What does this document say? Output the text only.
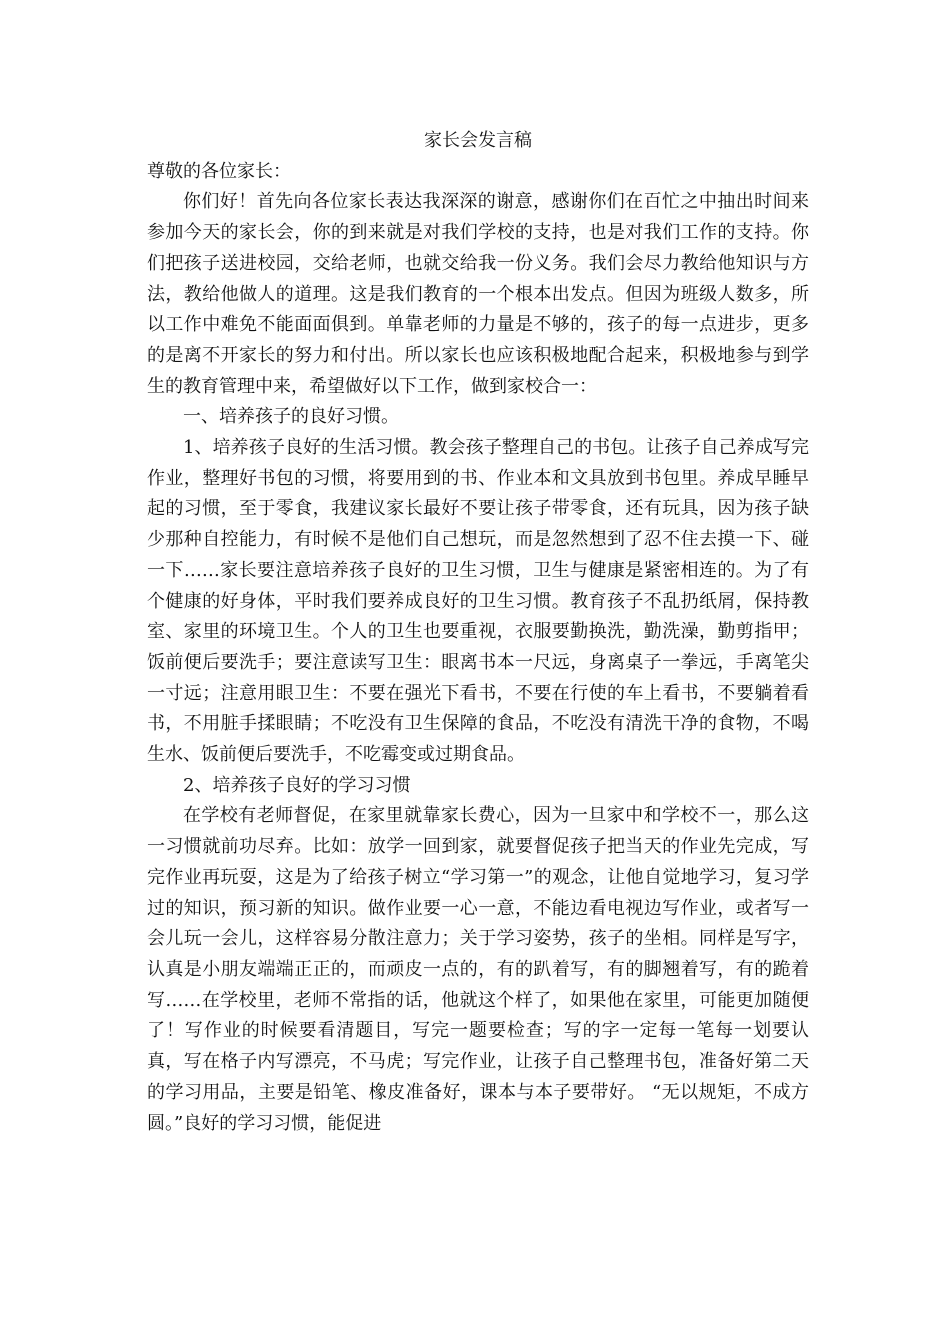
家长会发言稿

尊敬的各位家长：

你们好！首先向各位家长表达我深深的谢意，感谢你们在百忙之中抽出时间来参加今天的家长会，你的到来就是对我们学校的支持，也是对我们工作的支持。你们把孩子送进校园，交给老师，也就交给我一份义务。我们会尽力教给他知识与方法，教给他做人的道理。这是我们教育的一个根本出发点。但因为班级人数多，所以工作中难免不能面面俱到。单靠老师的力量是不够的，孩子的每一点进步，更多的是离不开家长的努力和付出。所以家长也应该积极地配合起来，积极地参与到学生的教育管理中来，希望做好以下工作，做到家校合一：

一、培养孩子的良好习惯。

1、培养孩子良好的生活习惯。教会孩子整理自己的书包。让孩子自己养成写完作业，整理好书包的习惯，将要用到的书、作业本和文具放到书包里。养成早睡早起的习惯，至于零食，我建议家长最好不要让孩子带零食，还有玩具，因为孩子缺少那种自控能力，有时候不是他们自己想玩，而是忽然想到了忍不住去摸一下、碰一下……家长要注意培养孩子良好的卫生习惯，卫生与健康是紧密相连的。为了有个健康的好身体，平时我们要养成良好的卫生习惯。教育孩子不乱扔纸屑，保持教室、家里的环境卫生。个人的卫生也要重视，衣服要勤换洗，勤洗澡，勤剪指甲；饭前便后要洗手；要注意读写卫生：眼离书本一尺远，身离桌子一拳远，手离笔尖一寸远；注意用眼卫生：不要在强光下看书，不要在行使的车上看书，不要躺着看书，不用脏手揉眼睛；不吃没有卫生保障的食品，不吃没有清洗干净的食物，不喝生水、饭前便后要洗手，不吃霉变或过期食品。

2、培养孩子良好的学习习惯

在学校有老师督促，在家里就靠家长费心，因为一旦家中和学校不一，那么这一习惯就前功尽弃。比如：放学一回到家，就要督促孩子把当天的作业先完成，写完作业再玩耍，这是为了给孩子树立“学习第一”的观念，让他自觉地学习，复习学过的知识，预习新的知识。做作业要一心一意，不能边看电视边写作业，或者写一会儿玩一会儿，这样容易分散注意力；关于学习姿势，孩子的坐相。同样是写字，认真是小朋友端端正正的，而顽皮一点的，有的趴着写，有的脚翘着写，有的跪着写……在学校里，老师不常指的话，他就这个样了，如果他在家里，可能更加随便了！写作业的时候要看清题目，写完一题要检查；写的字一定每一笔每一划要认真，写在格子内写漂亮，不马虎；写完作业，让孩子自己整理书包，准备好第二天的学习用品，主要是铅笔、橡皮准备好，课本与本子要带好。 “无以规矩，不成方圆。”良好的学习习惯，能促进
